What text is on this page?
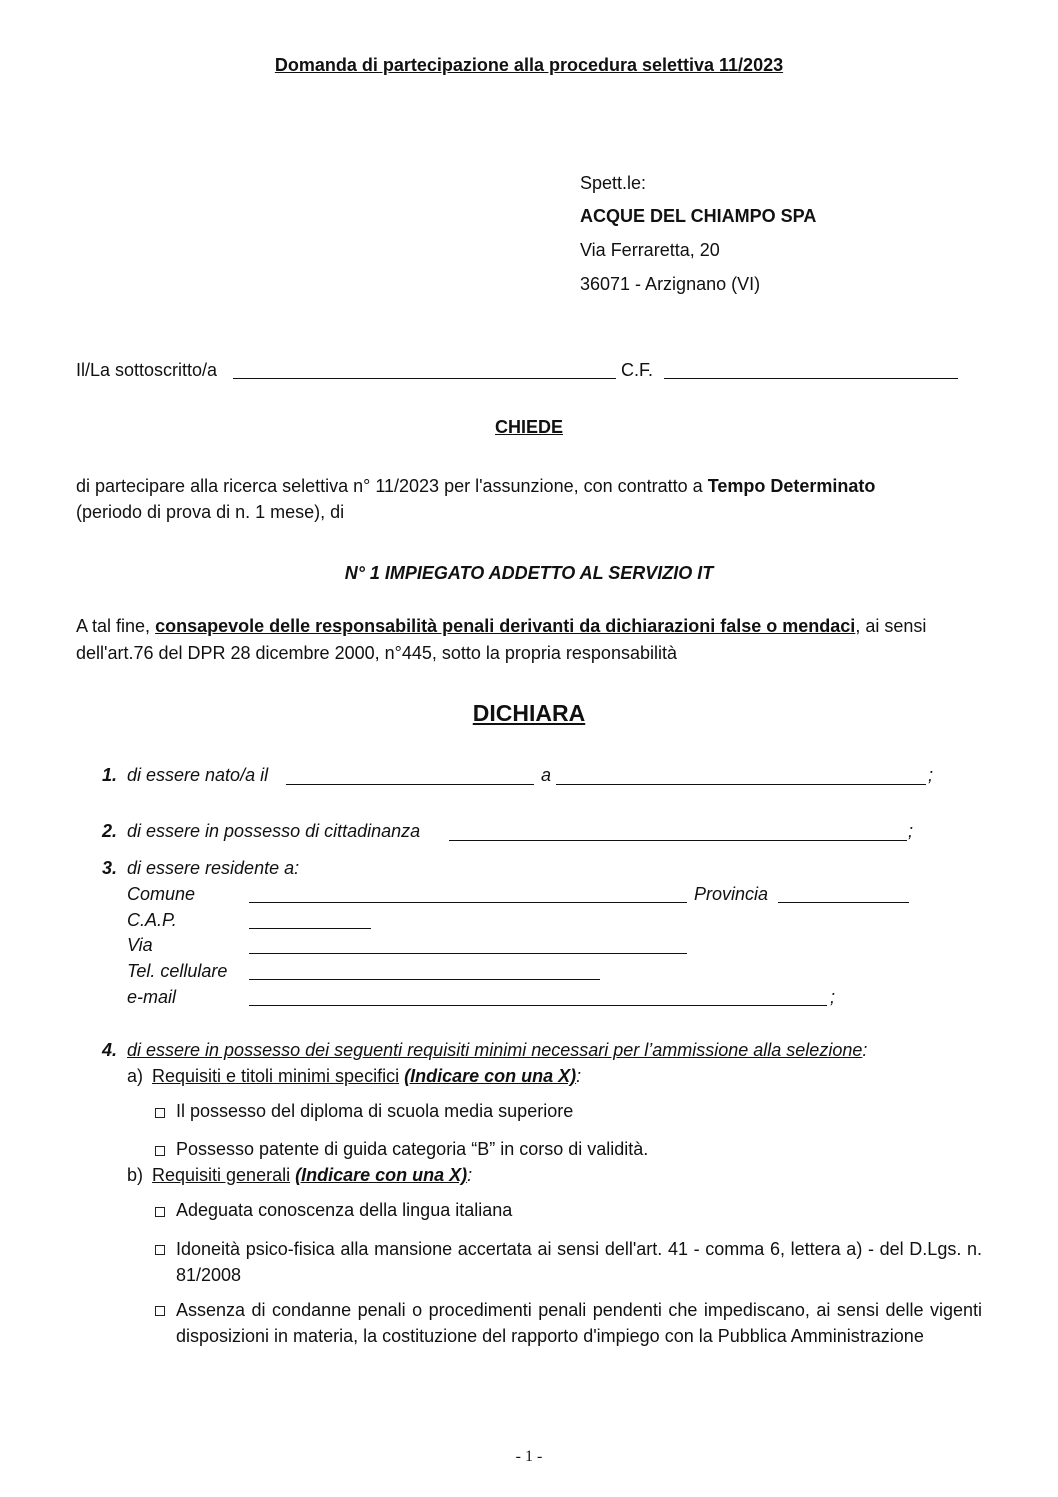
Domanda di partecipazione alla procedura selettiva 11/2023
Spett.le:
ACQUE DEL CHIAMPO SPA
Via Ferraretta, 20
36071 - Arzignano (VI)
Il/La sottoscritto/a	C.F.
CHIEDE
di partecipare alla ricerca selettiva n° 11/2023 per l'assunzione, con contratto a Tempo Determinato
(periodo di prova di n. 1 mese), di
N° 1 IMPIEGATO ADDETTO AL SERVIZIO IT
A tal fine, consapevole delle responsabilità penali derivanti da dichiarazioni false o mendaci, ai sensi
dell'art.76 del DPR 28 dicembre 2000, n°445, sotto la propria responsabilità
DICHIARA
1. di essere nato/a il	a	;
2. di essere in possesso di cittadinanza	;
3. di essere residente a:
Comune	Provincia
C.A.P.
Via
Tel. cellulare
e-mail	;
4. di essere in possesso dei seguenti requisiti minimi necessari per l’ammissione alla selezione:
a) Requisiti e titoli minimi specifici (Indicare con una X):
Il possesso del diploma di scuola media superiore
Possesso patente di guida categoria “B” in corso di validità.
b) Requisiti generali (Indicare con una X):
Adeguata conoscenza della lingua italiana
Idoneità psico-fisica alla mansione accertata ai sensi dell'art. 41 - comma 6, lettera a) - del D.Lgs. n. 81/2008
Assenza di condanne penali o procedimenti penali pendenti che impediscano, ai sensi delle vigenti disposizioni in materia, la costituzione del rapporto d'impiego con la Pubblica Amministrazione
- 1 -
